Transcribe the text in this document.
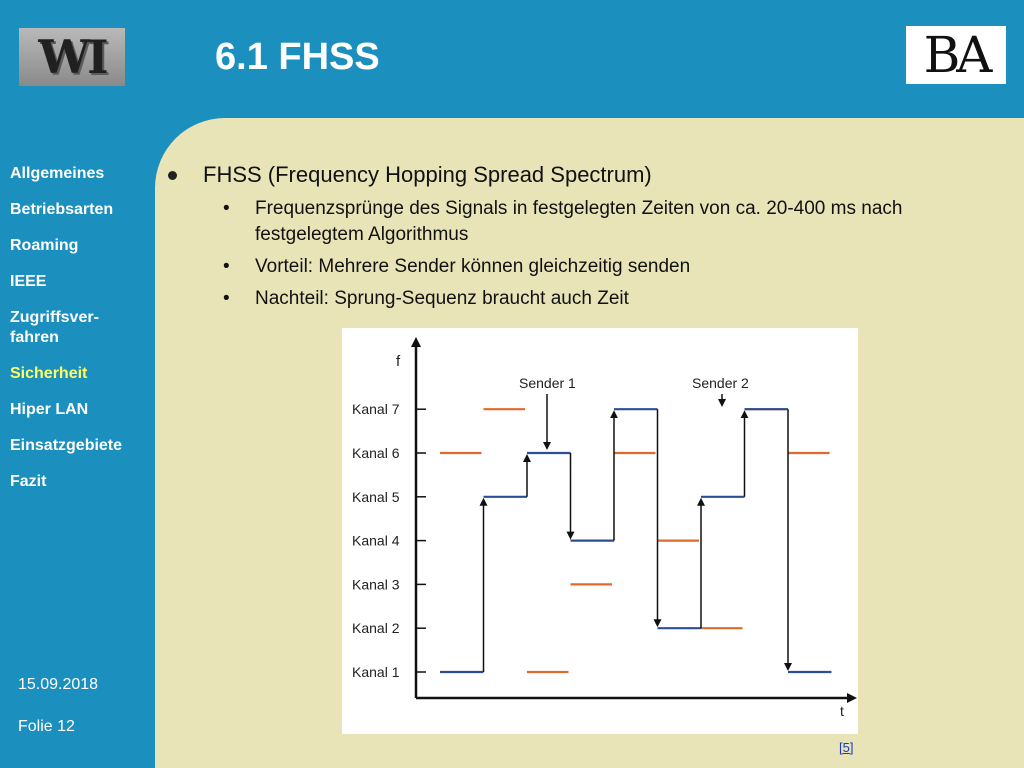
WI	6.1 FHSS	BA
Allgemeines
Betriebsarten
Roaming
IEEE
Zugriffsver-
fahren
Sicherheit
Hiper LAN
Einsatzgebiete
Fazit
15.09.2018
Folie 12
FHSS (Frequency Hopping Spread Spectrum)
• Frequenzsprünge des Signals in festgelegten Zeiten von ca. 20-400 ms nach festgelegtem Algorithmus
• Vorteil: Mehrere Sender können gleichzeitig senden
• Nachteil: Sprung-Sequenz braucht auch Zeit
f
t
Kanal 1
Kanal 2
Kanal 3
Kanal 4
Kanal 5
Kanal 6
Kanal 7
Sender 1	Sender 2
[5]
